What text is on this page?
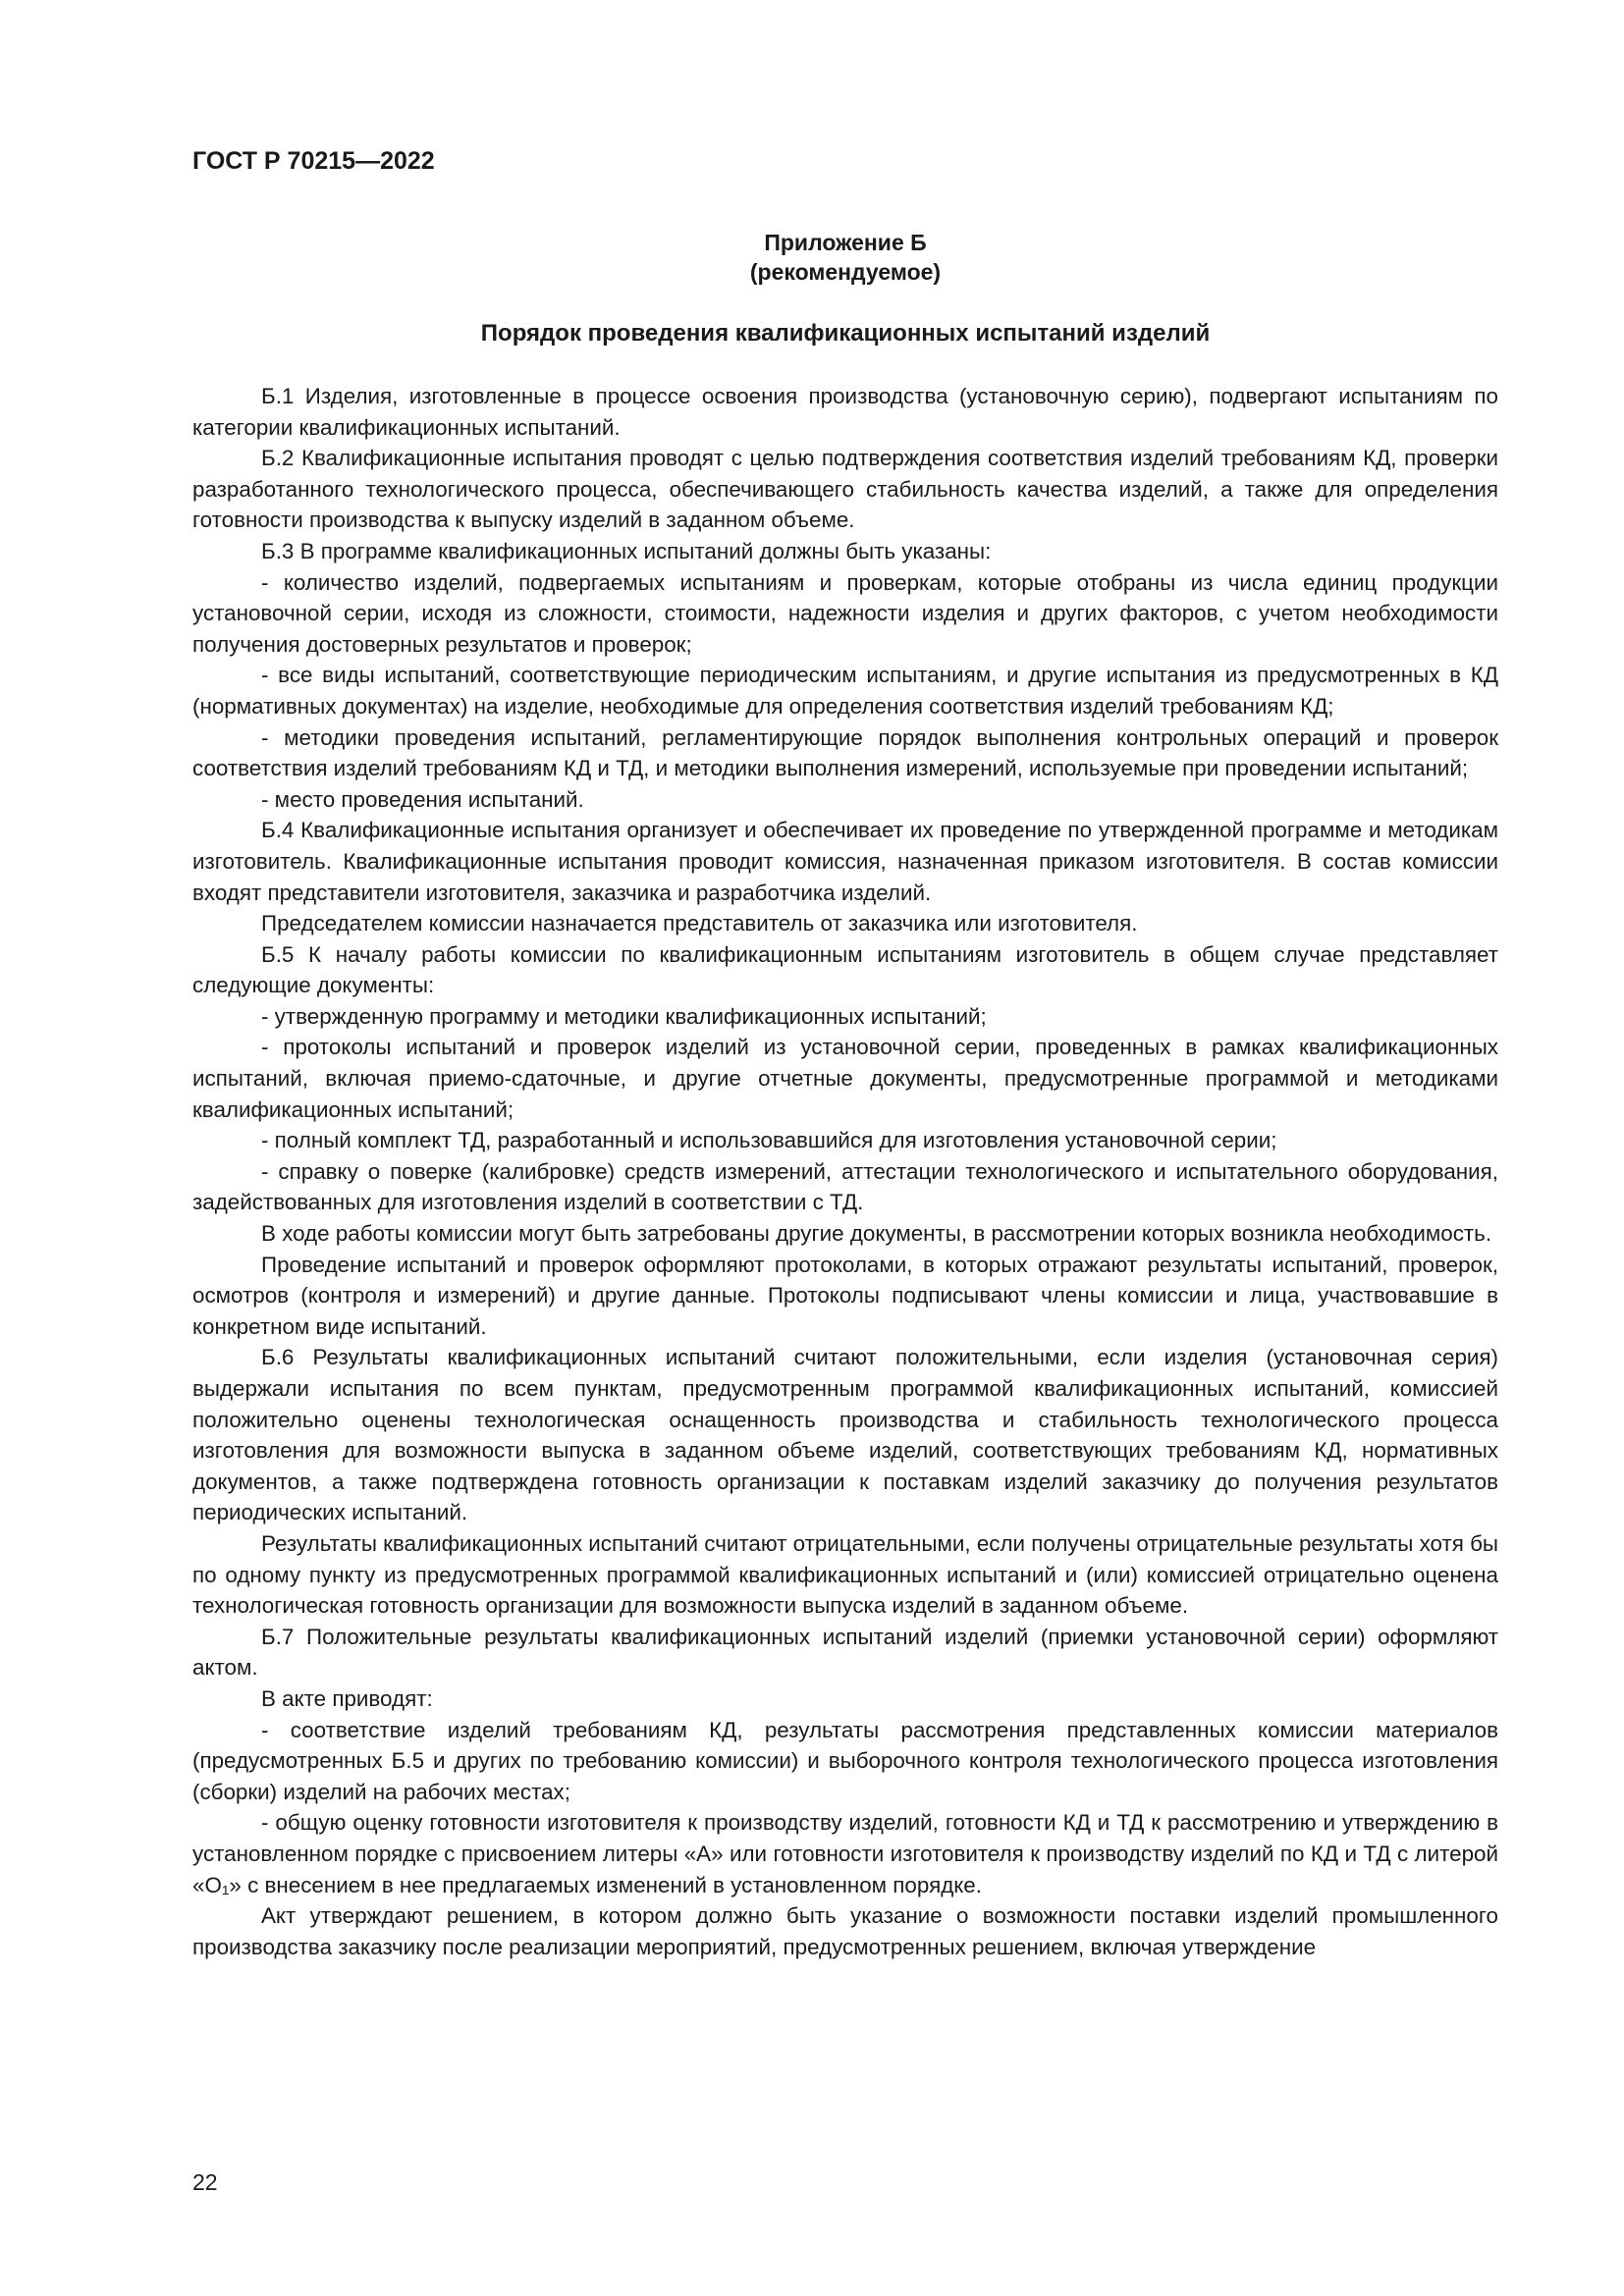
ГОСТ Р 70215—2022
Приложение Б
(рекомендуемое)
Порядок проведения квалификационных испытаний изделий

Б.1 Изделия, изготовленные в процессе освоения производства (установочную серию), подвергают испытаниям по категории квалификационных испытаний.

Б.2 Квалификационные испытания проводят с целью подтверждения соответствия изделий требованиям КД, проверки разработанного технологического процесса, обеспечивающего стабильность качества изделий, а также для определения готовности производства к выпуску изделий в заданном объеме.

Б.3 В программе квалификационных испытаний должны быть указаны:

- количество изделий, подвергаемых испытаниям и проверкам, которые отобраны из числа единиц продукции установочной серии, исходя из сложности, стоимости, надежности изделия и других факторов, с учетом необходимости получения достоверных результатов и проверок;

- все виды испытаний, соответствующие периодическим испытаниям, и другие испытания из предусмотренных в КД (нормативных документах) на изделие, необходимые для определения соответствия изделий требованиям КД;

- методики проведения испытаний, регламентирующие порядок выполнения контрольных операций и проверок соответствия изделий требованиям КД и ТД, и методики выполнения измерений, используемые при проведении испытаний;

- место проведения испытаний.

Б.4 Квалификационные испытания организует и обеспечивает их проведение по утвержденной программе и методикам изготовитель. Квалификационные испытания проводит комиссия, назначенная приказом изготовителя. В состав комиссии входят представители изготовителя, заказчика и разработчика изделий.

Председателем комиссии назначается представитель от заказчика или изготовителя.

Б.5 К началу работы комиссии по квалификационным испытаниям изготовитель в общем случае представляет следующие документы:

- утвержденную программу и методики квалификационных испытаний;

- протоколы испытаний и проверок изделий из установочной серии, проведенных в рамках квалификационных испытаний, включая приемо-сдаточные, и другие отчетные документы, предусмотренные программой и методиками квалификационных испытаний;

- полный комплект ТД, разработанный и использовавшийся для изготовления установочной серии;

- справку о поверке (калибровке) средств измерений, аттестации технологического и испытательного оборудования, задействованных для изготовления изделий в соответствии с ТД.

В ходе работы комиссии могут быть затребованы другие документы, в рассмотрении которых возникла необходимость.

Проведение испытаний и проверок оформляют протоколами, в которых отражают результаты испытаний, проверок, осмотров (контроля и измерений) и другие данные. Протоколы подписывают члены комиссии и лица, участвовавшие в конкретном виде испытаний.

Б.6 Результаты квалификационных испытаний считают положительными, если изделия (установочная серия) выдержали испытания по всем пунктам, предусмотренным программой квалификационных испытаний, комиссией положительно оценены технологическая оснащенность производства и стабильность технологического процесса изготовления для возможности выпуска в заданном объеме изделий, соответствующих требованиям КД, нормативных документов, а также подтверждена готовность организации к поставкам изделий заказчику до получения результатов периодических испытаний.

Результаты квалификационных испытаний считают отрицательными, если получены отрицательные результаты хотя бы по одному пункту из предусмотренных программой квалификационных испытаний и (или) комиссией отрицательно оценена технологическая готовность организации для возможности выпуска изделий в заданном объеме.

Б.7 Положительные результаты квалификационных испытаний изделий (приемки установочной серии) оформляют актом.

В акте приводят:

- соответствие изделий требованиям КД, результаты рассмотрения представленных комиссии материалов (предусмотренных Б.5 и других по требованию комиссии) и выборочного контроля технологического процесса изготовления (сборки) изделий на рабочих местах;

- общую оценку готовности изготовителя к производству изделий, готовности КД и ТД к рассмотрению и утверждению в установленном порядке с присвоением литеры «А» или готовности изготовителя к производству изделий по КД и ТД с литерой «О₁» с внесением в нее предлагаемых изменений в установленном порядке.

Акт утверждают решением, в котором должно быть указание о возможности поставки изделий промышленного производства заказчику после реализации мероприятий, предусмотренных решением, включая утверждение

22
